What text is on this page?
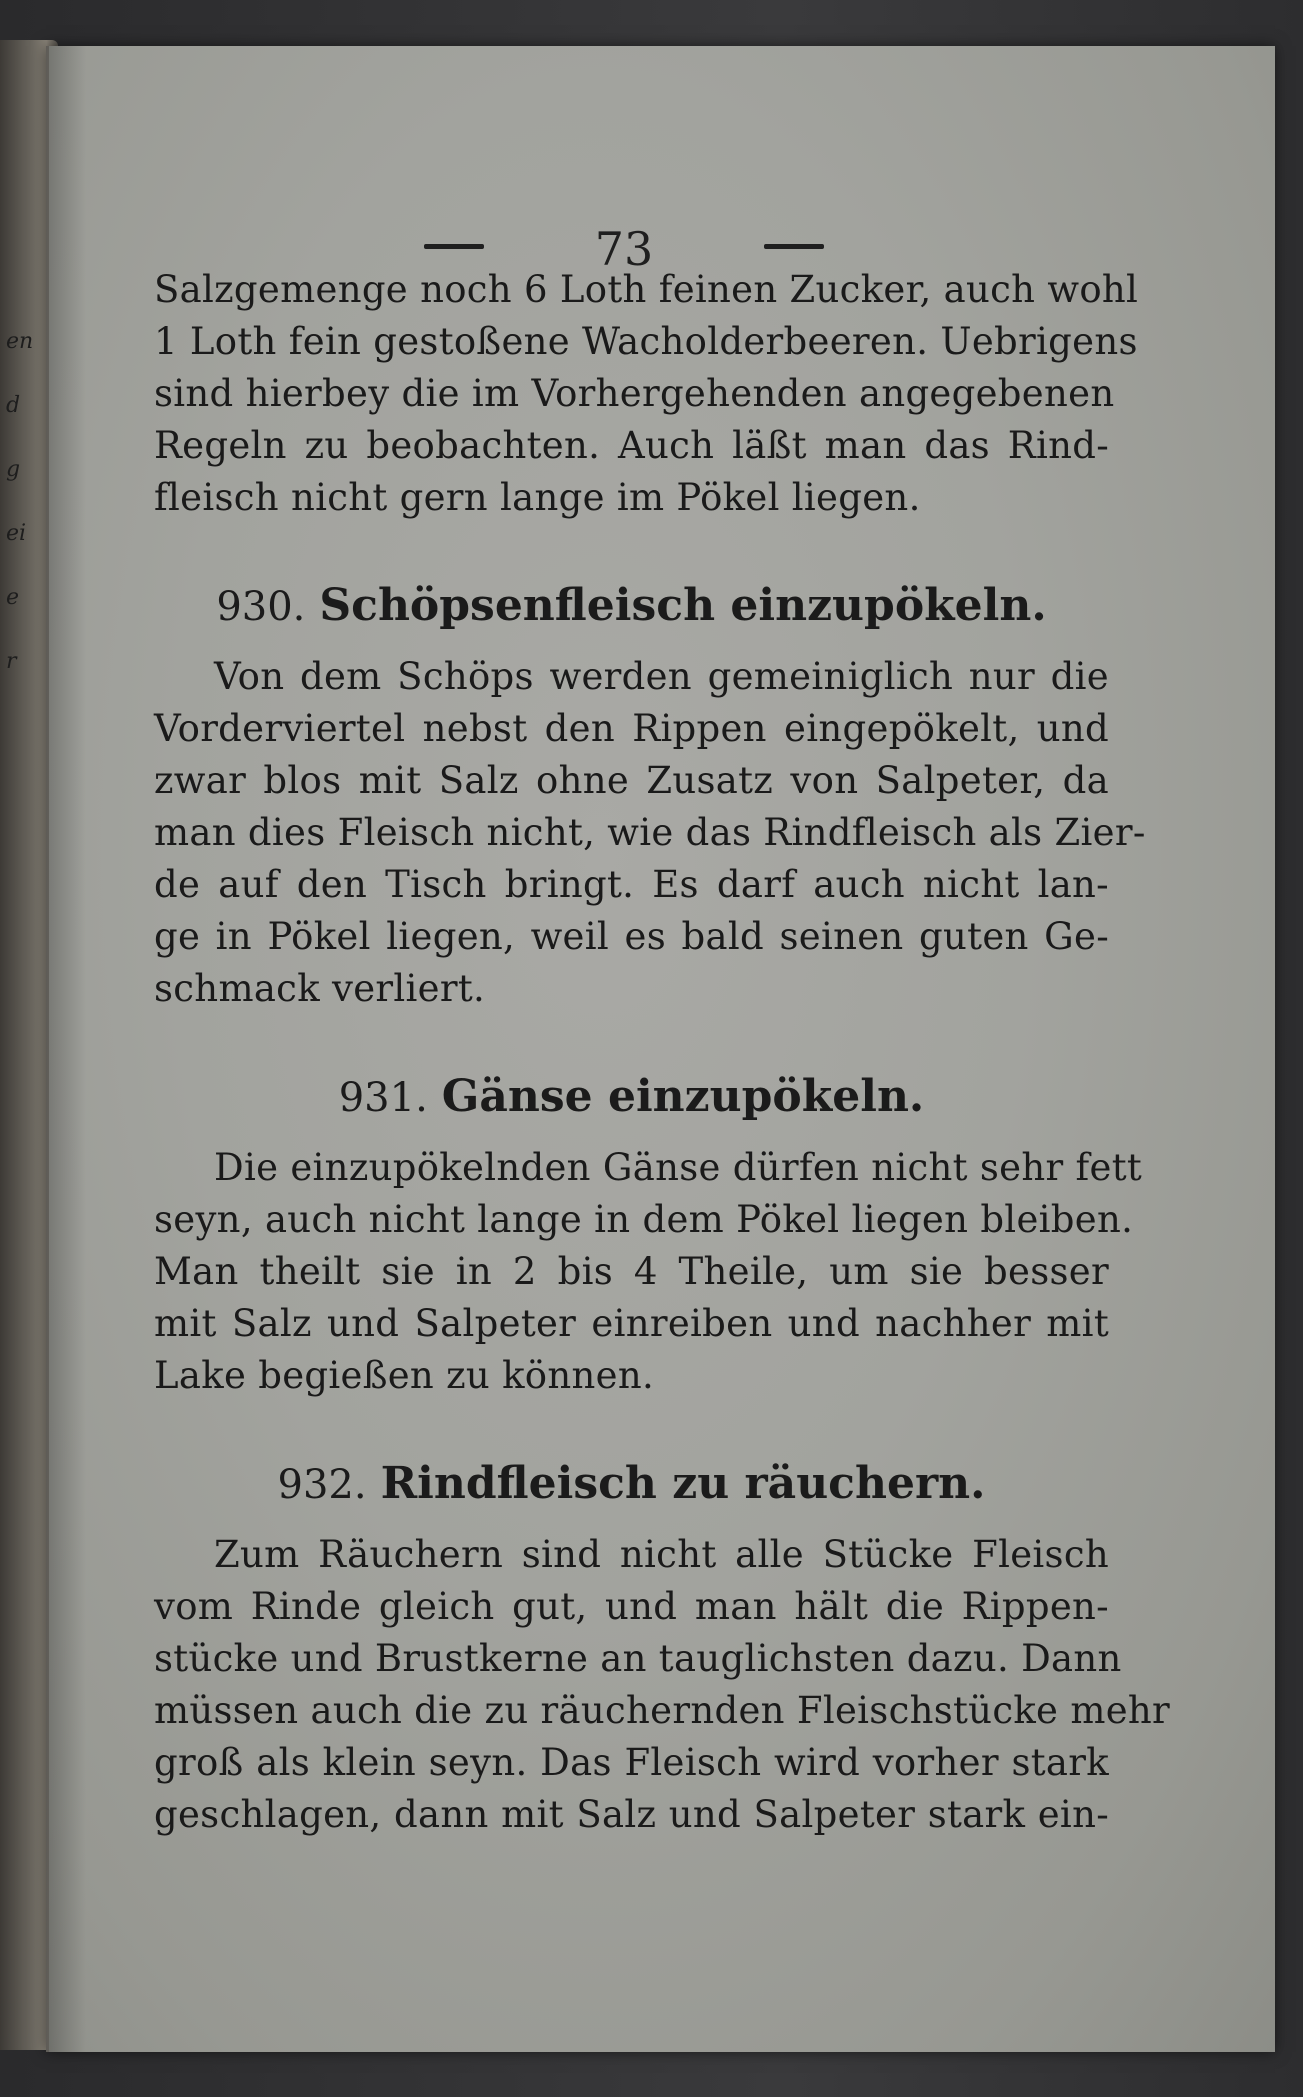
en
d
g
ei
e
r
73
Salzgemenge noch 6 Loth feinen Zucker, auch wohl
1 Loth fein gestoßene Wacholderbeeren. Uebrigens
sind hierbey die im Vorhergehenden angegebenen
Regeln zu beobachten. Auch läßt man das Rind-
fleisch nicht gern lange im Pökel liegen.
930. Schöpsenfleisch einzupökeln.
Von dem Schöps werden gemeiniglich nur die
Vorderviertel nebst den Rippen eingepökelt, und
zwar blos mit Salz ohne Zusatz von Salpeter, da
man dies Fleisch nicht, wie das Rindfleisch als Zier-
de auf den Tisch bringt. Es darf auch nicht lan-
ge in Pökel liegen, weil es bald seinen guten Ge-
schmack verliert.
931. Gänse einzupökeln.
Die einzupökelnden Gänse dürfen nicht sehr fett
seyn, auch nicht lange in dem Pökel liegen bleiben.
Man theilt sie in 2 bis 4 Theile, um sie besser
mit Salz und Salpeter einreiben und nachher mit
Lake begießen zu können.
932. Rindfleisch zu räuchern.
Zum Räuchern sind nicht alle Stücke Fleisch
vom Rinde gleich gut, und man hält die Rippen-
stücke und Brustkerne an tauglichsten dazu. Dann
müssen auch die zu räuchernden Fleischstücke mehr
groß als klein seyn. Das Fleisch wird vorher stark
geschlagen, dann mit Salz und Salpeter stark ein-
